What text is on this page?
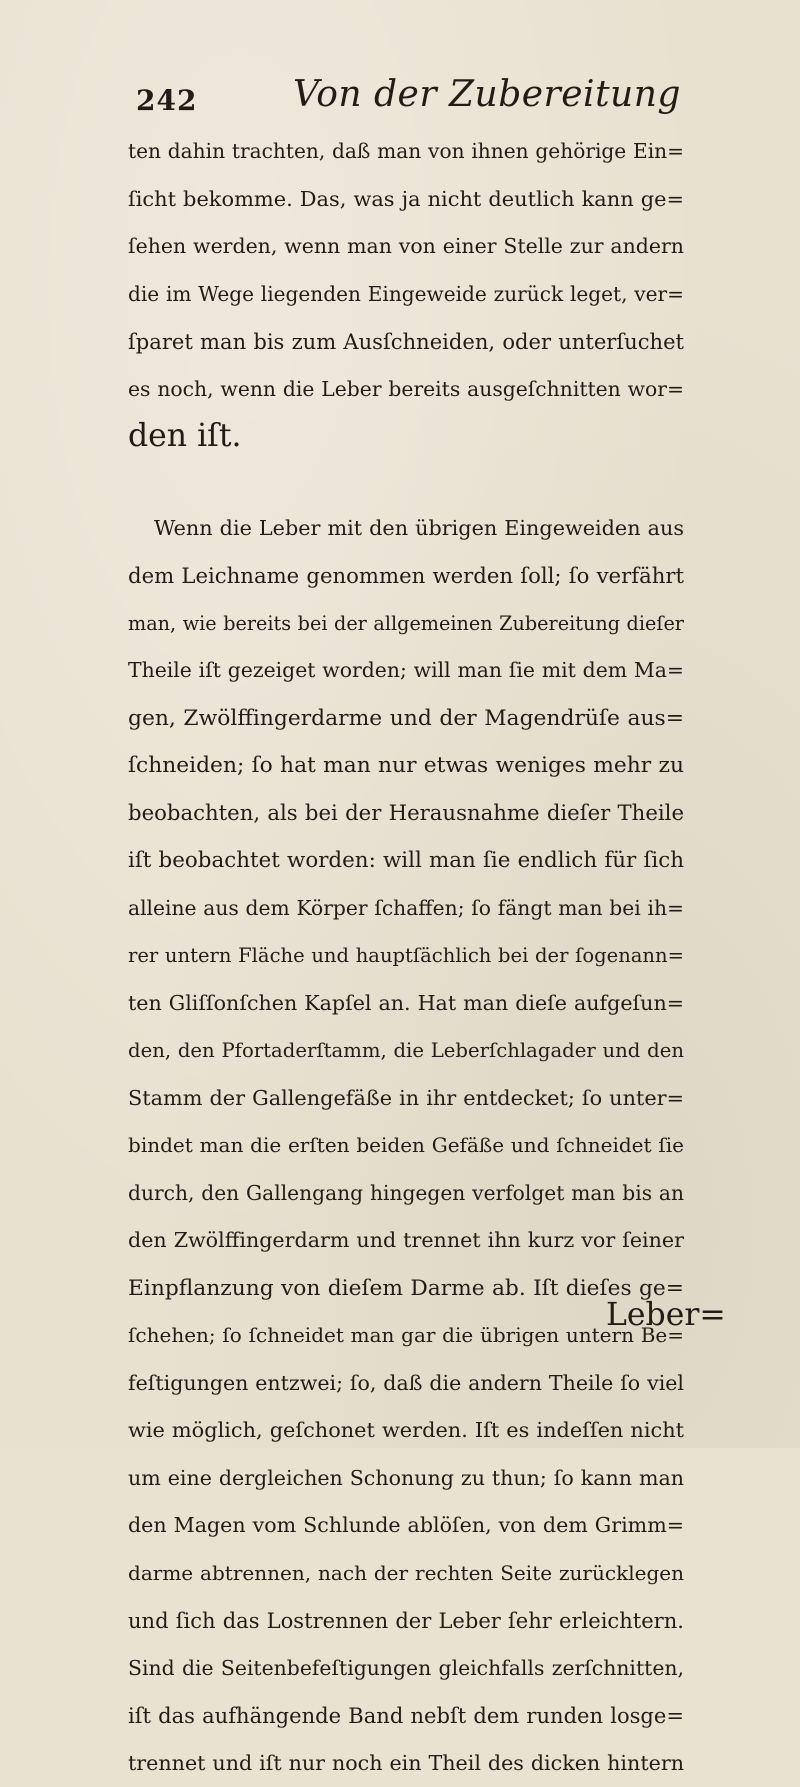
242	Von der Zubereitung
ten dahin trachten, daß man von ihnen gehörige Ein=
ſicht bekomme. Das, was ja nicht deutlich kann ge=
ſehen werden, wenn man von einer Stelle zur andern
die im Wege liegenden Eingeweide zurück leget, ver=
ſparet man bis zum Ausſchneiden, oder unterſuchet
es noch, wenn die Leber bereits ausgeſchnitten wor=
den iſt.
Wenn die Leber mit den übrigen Eingeweiden aus
dem Leichname genommen werden ſoll; ſo verfährt
man, wie bereits bei der allgemeinen Zubereitung dieſer
Theile iſt gezeiget worden; will man ſie mit dem Ma=
gen, Zwölffingerdarme und der Magendrüſe aus=
ſchneiden; ſo hat man nur etwas weniges mehr zu
beobachten, als bei der Herausnahme dieſer Theile
iſt beobachtet worden: will man ſie endlich für ſich
alleine aus dem Körper ſchaffen; ſo fängt man bei ih=
rer untern Fläche und hauptſächlich bei der ſogenann=
ten Gliſſonſchen Kapſel an. Hat man dieſe aufgeſun=
den, den Pfortaderſtamm, die Leberſchlagader und den
Stamm der Gallengefäße in ihr entdecket; ſo unter=
bindet man die erſten beiden Gefäße und ſchneidet ſie
durch, den Gallengang hingegen verfolget man bis an
den Zwölffingerdarm und trennet ihn kurz vor ſeiner
Einpflanzung von dieſem Darme ab. Iſt dieſes ge=
ſchehen; ſo ſchneidet man gar die übrigen untern Be=
feſtigungen entzwei; ſo, daß die andern Theile ſo viel
wie möglich, geſchonet werden. Iſt es indeſſen nicht
um eine dergleichen Schonung zu thun; ſo kann man
den Magen vom Schlunde ablöſen, von dem Grimm=
darme abtrennen, nach der rechten Seite zurücklegen
und ſich das Lostrennen der Leber ſehr erleichtern.
Sind die Seitenbefeſtigungen gleichfalls zerſchnitten,
iſt das aufhängende Band nebſt dem runden losge=
trennet und iſt nur noch ein Theil des dicken hintern
Leber=
